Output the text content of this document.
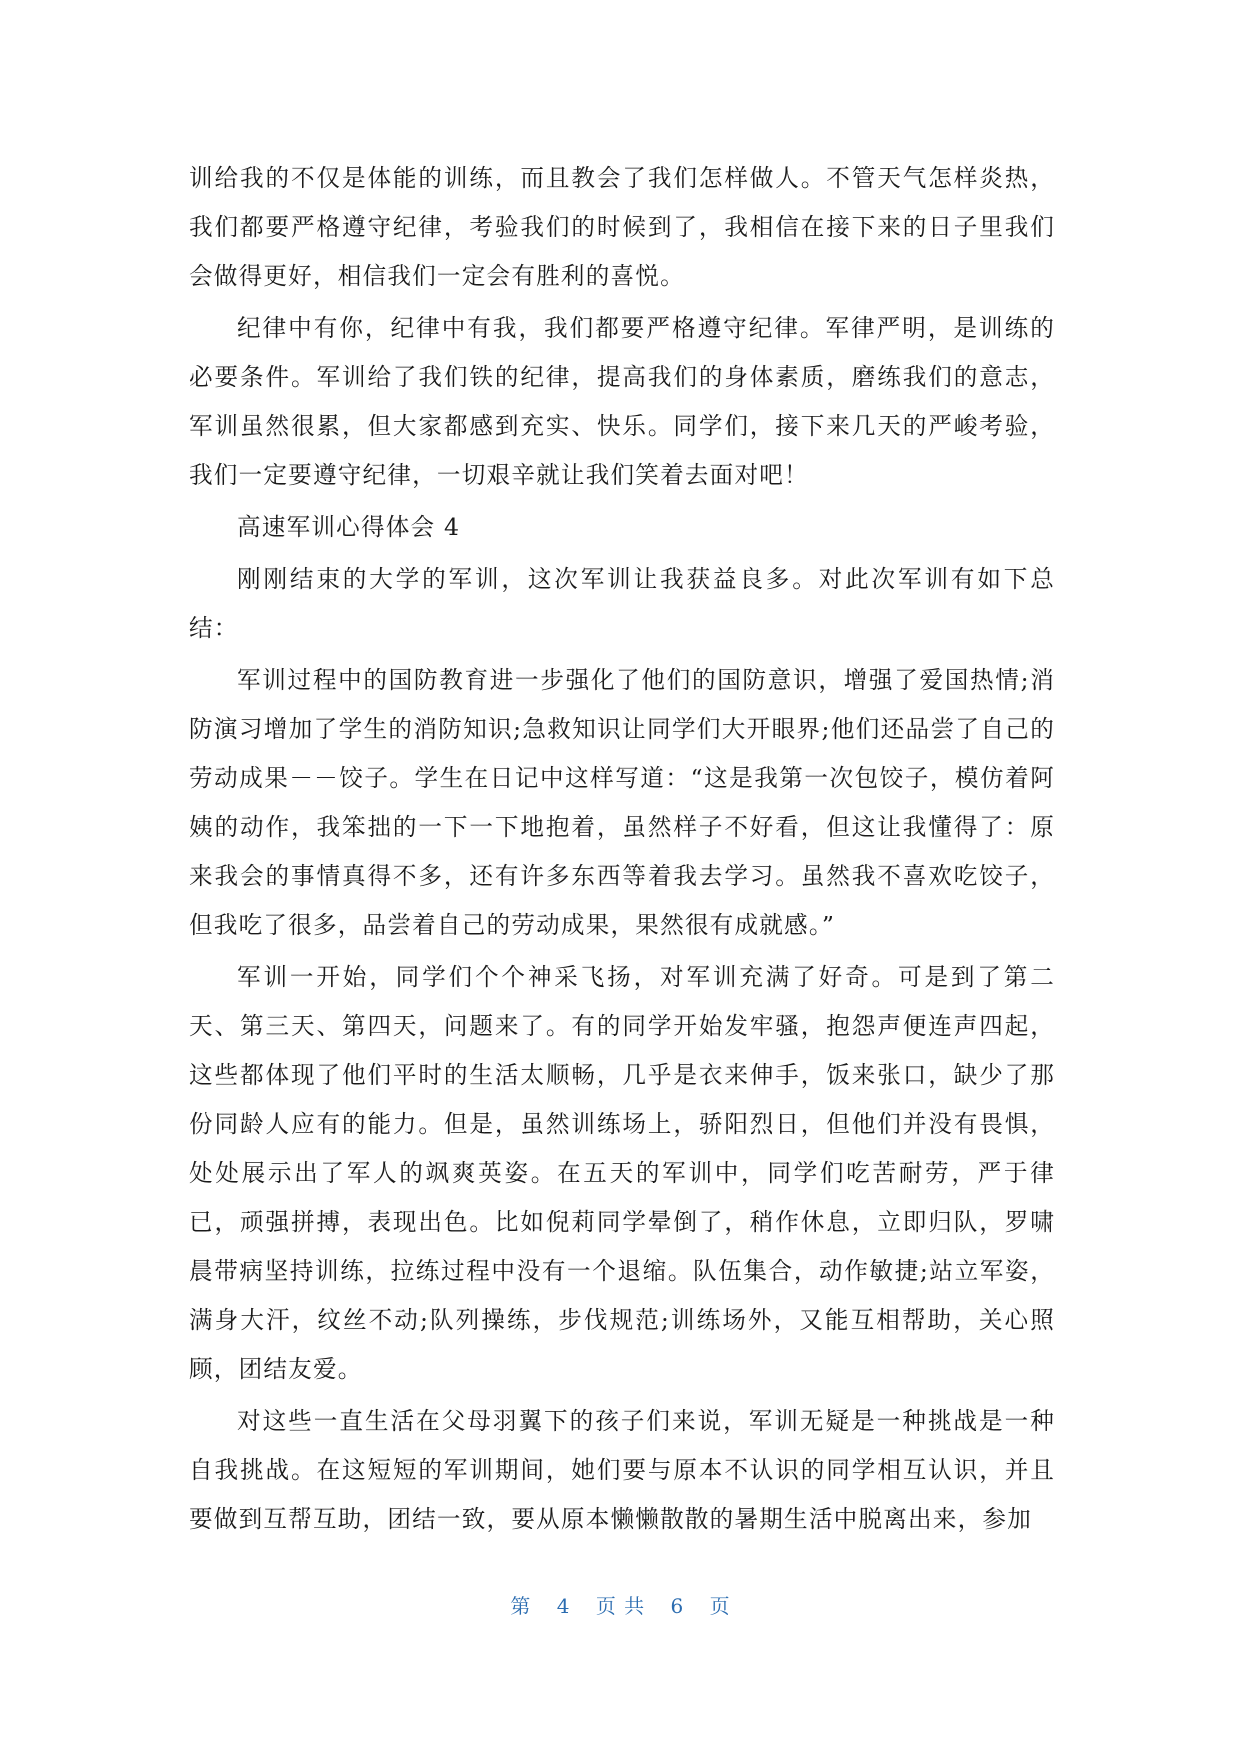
训给我的不仅是体能的训练，而且教会了我们怎样做人。不管天气怎样炎热，我们都要严格遵守纪律，考验我们的时候到了，我相信在接下来的日子里我们会做得更好，相信我们一定会有胜利的喜悦。

纪律中有你，纪律中有我，我们都要严格遵守纪律。军律严明，是训练的必要条件。军训给了我们铁的纪律，提高我们的身体素质，磨练我们的意志，军训虽然很累，但大家都感到充实、快乐。同学们，接下来几天的严峻考验，我们一定要遵守纪律，一切艰辛就让我们笑着去面对吧！

高速军训心得体会 4

刚刚结束的大学的军训，这次军训让我获益良多。对此次军训有如下总结：

军训过程中的国防教育进一步强化了他们的国防意识，增强了爱国热情;消防演习增加了学生的消防知识;急救知识让同学们大开眼界;他们还品尝了自己的劳动成果－－饺子。学生在日记中这样写道：“这是我第一次包饺子，模仿着阿姨的动作，我笨拙的一下一下地抱着，虽然样子不好看，但这让我懂得了：原来我会的事情真得不多，还有许多东西等着我去学习。虽然我不喜欢吃饺子，但我吃了很多，品尝着自己的劳动成果，果然很有成就感。”

军训一开始，同学们个个神采飞扬，对军训充满了好奇。可是到了第二天、第三天、第四天，问题来了。有的同学开始发牢骚，抱怨声便连声四起，这些都体现了他们平时的生活太顺畅，几乎是衣来伸手，饭来张口，缺少了那份同龄人应有的能力。但是，虽然训练场上，骄阳烈日，但他们并没有畏惧，处处展示出了军人的飒爽英姿。在五天的军训中，同学们吃苦耐劳，严于律已，顽强拼搏，表现出色。比如倪莉同学晕倒了，稍作休息，立即归队，罗啸晨带病坚持训练，拉练过程中没有一个退缩。队伍集合，动作敏捷;站立军姿，满身大汗，纹丝不动;队列操练，步伐规范;训练场外，又能互相帮助，关心照顾，团结友爱。

对这些一直生活在父母羽翼下的孩子们来说，军训无疑是一种挑战是一种自我挑战。在这短短的军训期间，她们要与原本不认识的同学相互认识，并且要做到互帮互助，团结一致，要从原本懒懒散散的暑期生活中脱离出来，参加

第 4 页 共 6 页
